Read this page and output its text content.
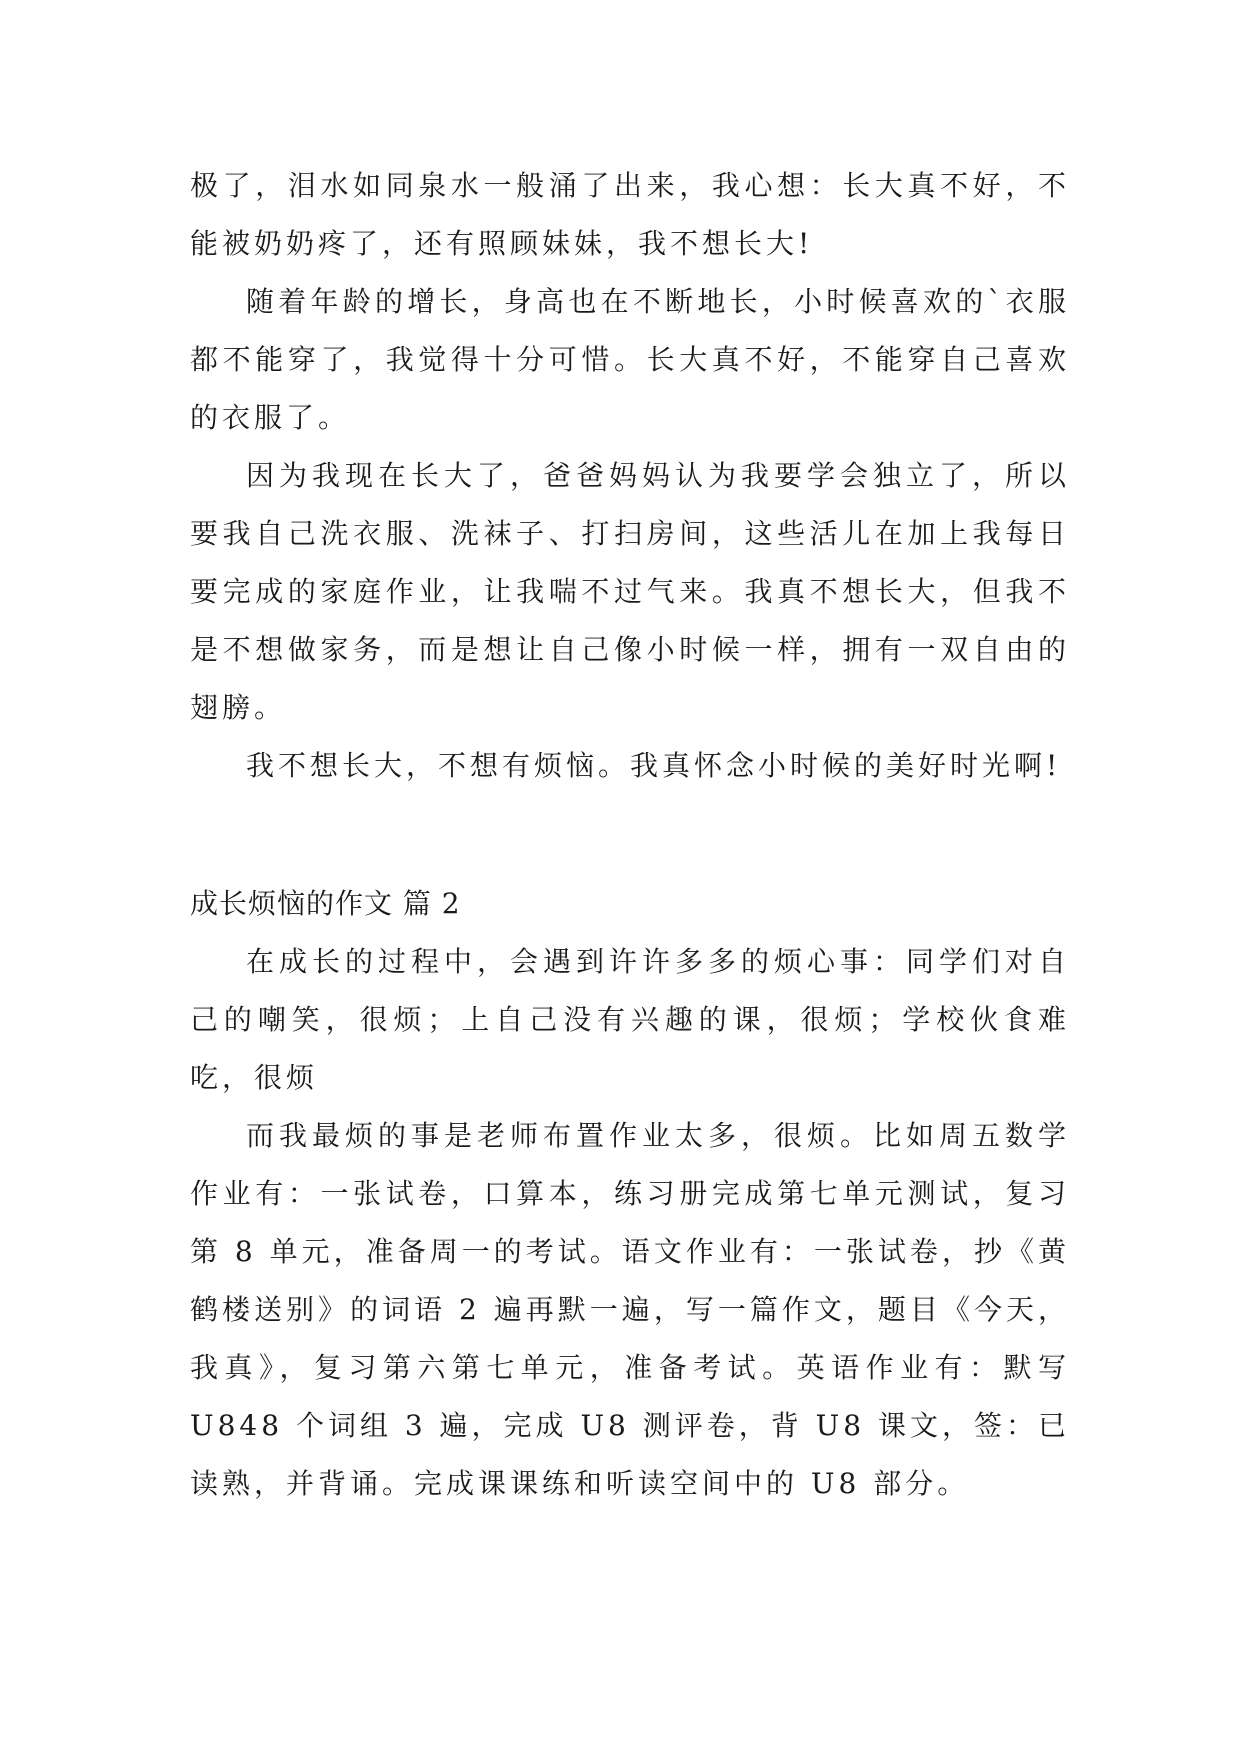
极了，泪水如同泉水一般涌了出来，我心想：长大真不好，不能被奶奶疼了，还有照顾妹妹，我不想长大!

随着年龄的增长，身高也在不断地长，小时候喜欢的`衣服都不能穿了，我觉得十分可惜。长大真不好，不能穿自己喜欢的衣服了。

因为我现在长大了，爸爸妈妈认为我要学会独立了，所以要我自己洗衣服、洗袜子、打扫房间，这些活儿在加上我每日要完成的家庭作业，让我喘不过气来。我真不想长大，但我不是不想做家务，而是想让自己像小时候一样，拥有一双自由的翅膀。

我不想长大，不想有烦恼。我真怀念小时候的美好时光啊!

成长烦恼的作文 篇 2

在成长的过程中，会遇到许许多多的烦心事：同学们对自己的嘲笑，很烦；上自己没有兴趣的课，很烦；学校伙食难吃，很烦

而我最烦的事是老师布置作业太多，很烦。比如周五数学作业有：一张试卷，口算本，练习册完成第七单元测试，复习第 8 单元，准备周一的考试。语文作业有：一张试卷，抄《黄鹤楼送别》的词语 2 遍再默一遍，写一篇作文，题目《今天，我真》，复习第六第七单元，准备考试。英语作业有：默写 U848 个词组 3 遍，完成 U8 测评卷，背 U8 课文，签：已读熟，并背诵。完成课课练和听读空间中的 U8 部分。
